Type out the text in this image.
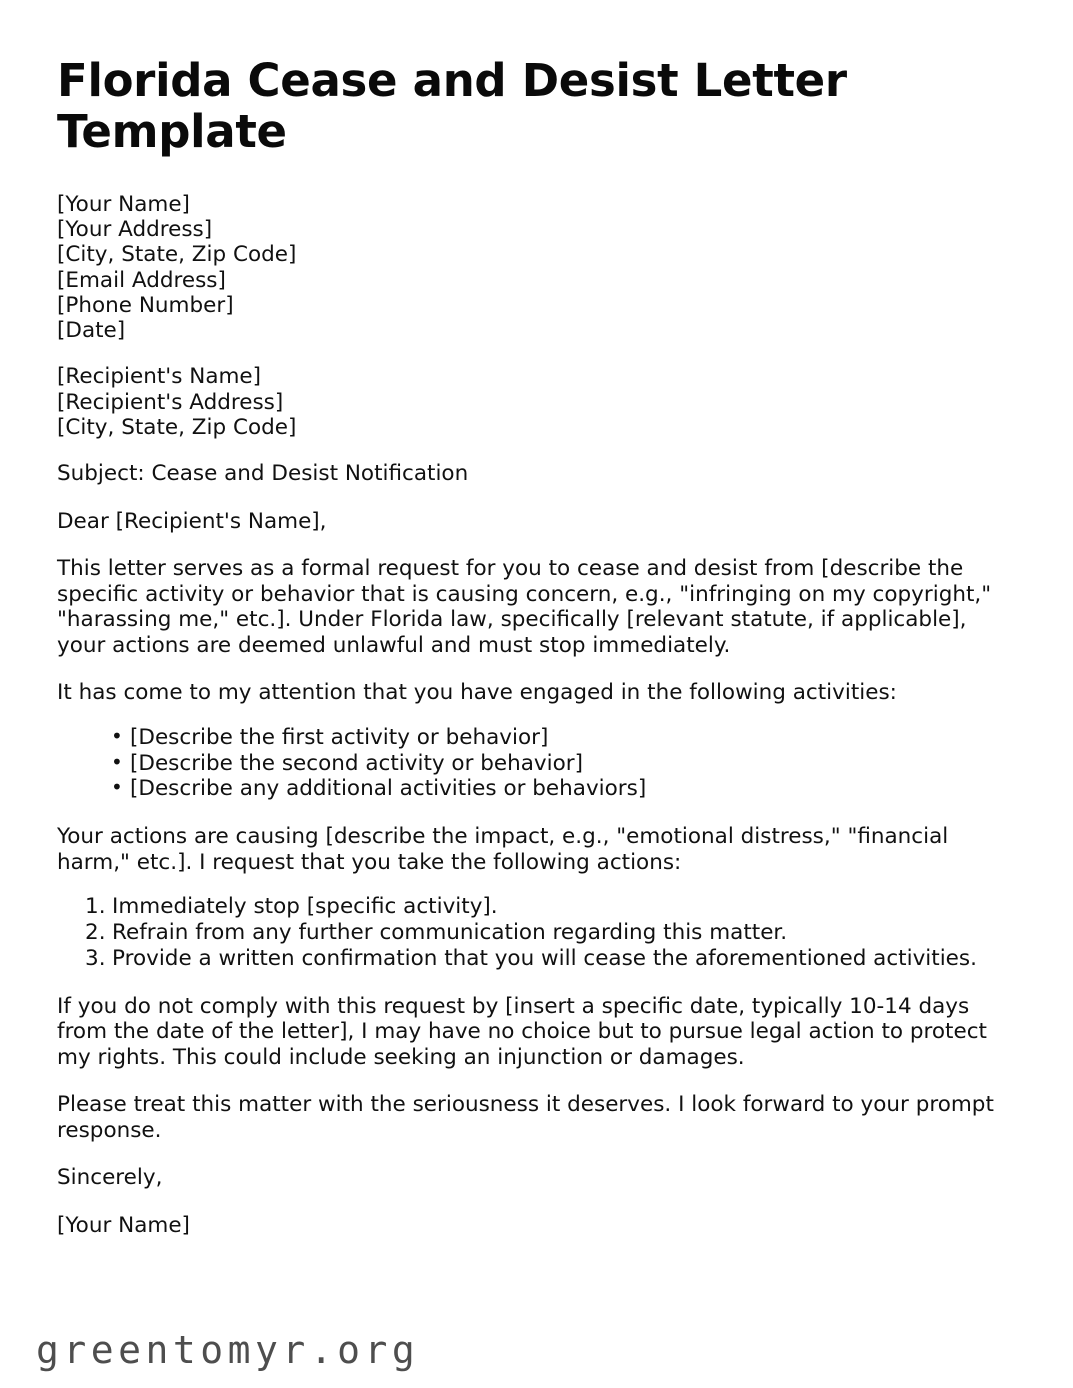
Florida Cease and Desist Letter Template
[Your Name]
[Your Address]
[City, State, Zip Code]
[Email Address]
[Phone Number]
[Date]
[Recipient's Name]
[Recipient's Address]
[City, State, Zip Code]

Subject: Cease and Desist Notification

Dear [Recipient's Name],

This letter serves as a formal request for you to cease and desist from [describe the specific activity or behavior that is causing concern, e.g., "infringing on my copyright," "harassing me," etc.]. Under Florida law, specifically [relevant statute, if applicable], your actions are deemed unlawful and must stop immediately.

It has come to my attention that you have engaged in the following activities:

• [Describe the first activity or behavior]
• [Describe the second activity or behavior]
• [Describe any additional activities or behaviors]

Your actions are causing [describe the impact, e.g., "emotional distress," "financial harm," etc.]. I request that you take the following actions:

Immediately stop [specific activity].
Refrain from any further communication regarding this matter.
Provide a written confirmation that you will cease the aforementioned activities.

If you do not comply with this request by [insert a specific date, typically 10-14 days from the date of the letter], I may have no choice but to pursue legal action to protect my rights. This could include seeking an injunction or damages.

Please treat this matter with the seriousness it deserves. I look forward to your prompt response.

Sincerely,

[Your Name]

greentomyr.org
